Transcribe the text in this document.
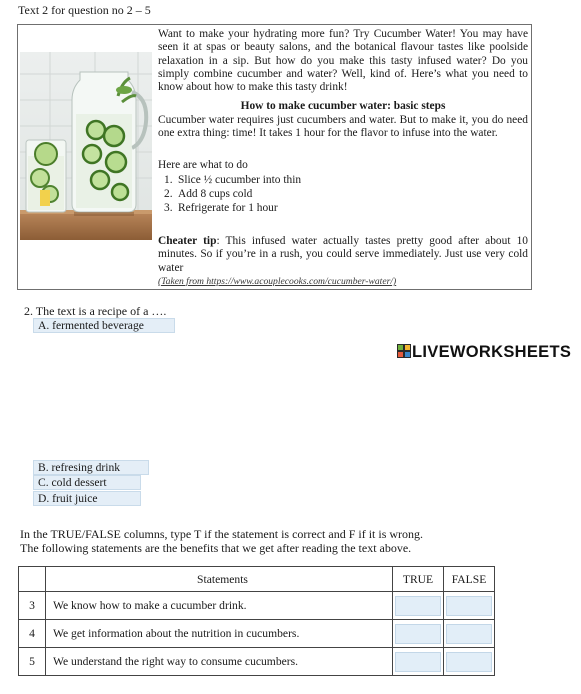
Text 2 for question no 2 – 5
Want to make your hydrating more fun? Try Cucumber Water! You may have seen it at spas or beauty salons, and the botanical flavour tastes like poolside relaxation in a sip. But how do you make this tasty infused water? Do you simply combine cucumber and water? Well, kind of. Here’s what you need to know about how to make this tasty drink!
How to make cucumber water: basic steps
Cucumber water requires just cucumbers and water. But to make it, you do need one extra thing: time! It takes 1 hour for the flavor to infuse into the water.
Here are what to do
1. Slice ½ cucumber into thin
2. Add 8 cups cold
3. Refrigerate for 1 hour
Cheater tip: This infused water actually tastes pretty good after about 10 minutes. So if you’re in a rush, you could serve immediately. Just use very cold water
(Taken from https://www.acouplecooks.com/cucumber-water/)
2. The text is a recipe of a ….
A. fermented beverage
LIVEWORKSHEETS
B. refresing drink
C. cold dessert
D. fruit juice
In the TRUE/FALSE columns, type T if the statement is correct and F if it is wrong.
The following statements are the benefits that we get after reading the text above.
	Statements	TRUE	FALSE
3	We know how to make a cucumber drink.		
4	We get information about the nutrition in cucumbers.		
5	We understand the right way to consume cucumbers.		
